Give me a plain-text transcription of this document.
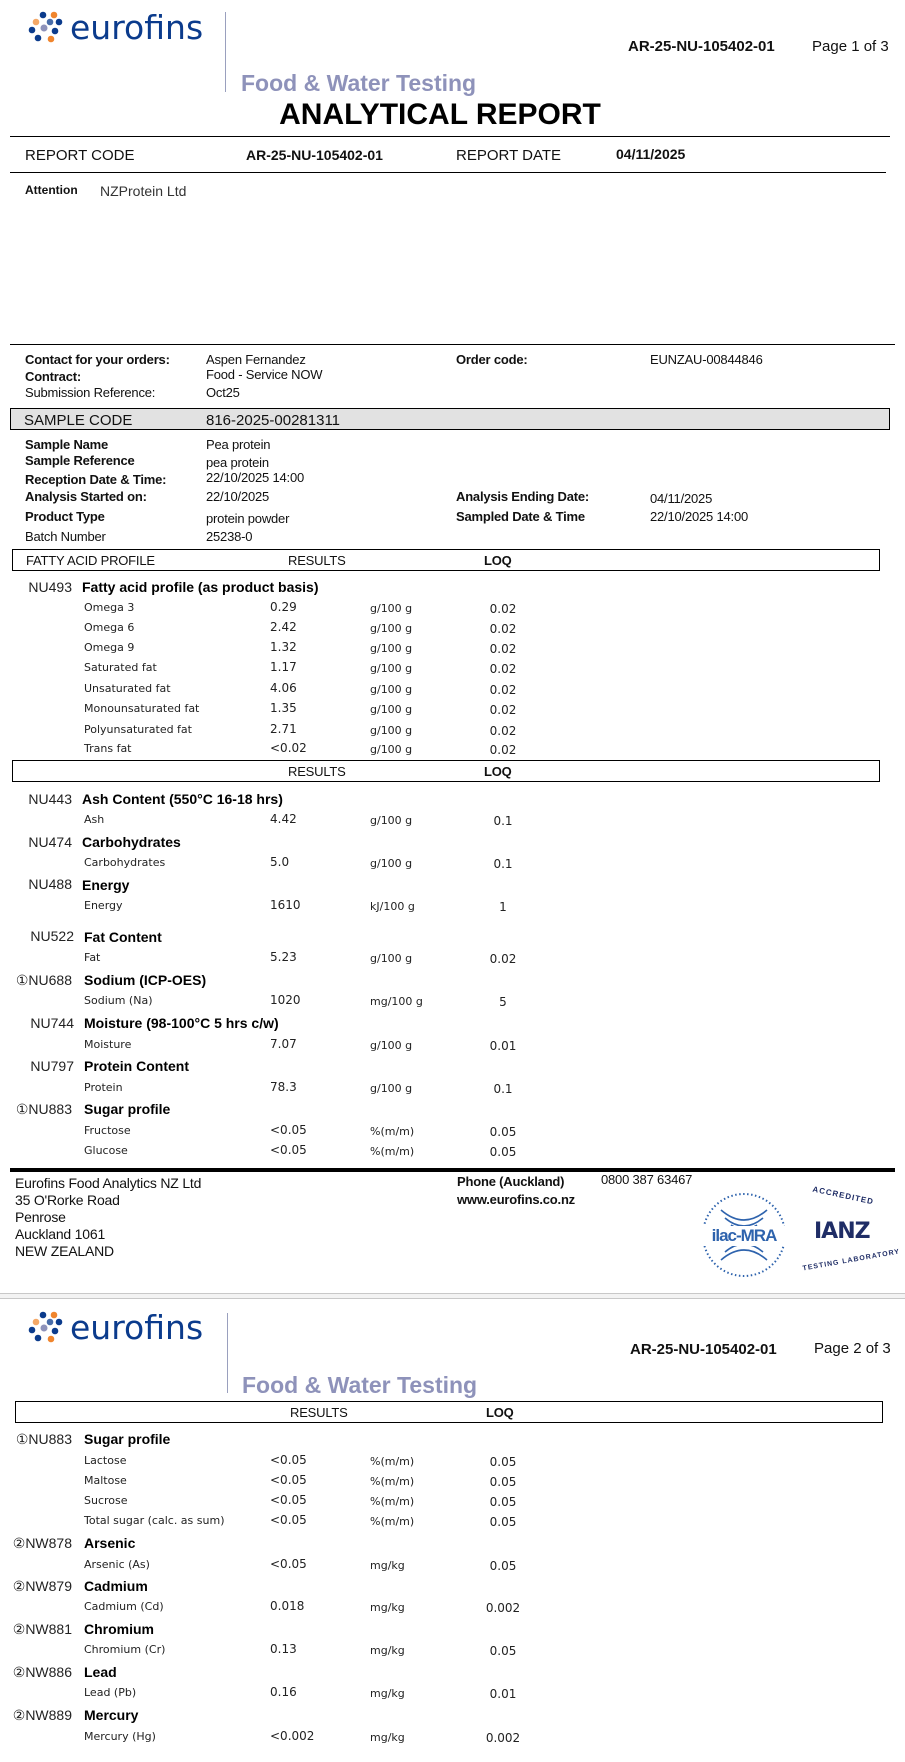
eurofins
Food & Water Testing
AR-25-NU-105402-01 Page 1 of 3
ANALYTICAL REPORT
REPORT CODE	AR-25-NU-105402-01	REPORT DATE	04/11/2025
Attention NZProtein Ltd
Contact for your orders:	Aspen Fernandez
Contract:	Food - Service NOW
Submission Reference:	Oct25
Order code:	EUNZAU-00844846
SAMPLE CODE	816-2025-00281311
Sample Name	Pea protein
Sample Reference	pea protein
Reception Date & Time:	22/10/2025 14:00
Analysis Started on:	22/10/2025	Analysis Ending Date:	04/11/2025
Product Type	protein powder	Sampled Date & Time	22/10/2025 14:00
Batch Number	25238-0
FATTY ACID PROFILE	RESULTS	LOQ
NU493 Fatty acid profile (as product basis)
Omega 3	0.29	g/100 g	0.02
Omega 6	2.42	g/100 g	0.02
Omega 9	1.32	g/100 g	0.02
Saturated fat	1.17	g/100 g	0.02
Unsaturated fat	4.06	g/100 g	0.02
Monounsaturated fat	1.35	g/100 g	0.02
Polyunsaturated fat	2.71	g/100 g	0.02
Trans fat	<0.02	g/100 g	0.02
RESULTS	LOQ
NU443 Ash Content (550°C 16-18 hrs)
Ash	4.42	g/100 g	0.1
NU474 Carbohydrates
Carbohydrates	5.0	g/100 g	0.1
NU488 Energy
Energy	1610	kJ/100 g	1
NU522 Fat Content
Fat	5.23	g/100 g	0.02
①NU688 Sodium (ICP-OES)
Sodium (Na)	1020	mg/100 g	5
NU744 Moisture (98-100°C 5 hrs c/w)
Moisture	7.07	g/100 g	0.01
NU797 Protein Content
Protein	78.3	g/100 g	0.1
①NU883 Sugar profile
Fructose	<0.05	%(m/m)	0.05
Glucose	<0.05	%(m/m)	0.05
Eurofins Food Analytics NZ Ltd
35 O'Rorke Road
Penrose
Auckland 1061
NEW ZEALAND
Phone (Auckland)	0800 387 63467
www.eurofins.co.nz
ilac-MRA
ACCREDITED
IANZ
TESTING LABORATORY
eurofins
Food & Water Testing
AR-25-NU-105402-01 Page 2 of 3
RESULTS	LOQ
①NU883 Sugar profile
Lactose	<0.05	%(m/m)	0.05
Maltose	<0.05	%(m/m)	0.05
Sucrose	<0.05	%(m/m)	0.05
Total sugar (calc. as sum)	<0.05	%(m/m)	0.05
②NW878 Arsenic
Arsenic (As)	<0.05	mg/kg	0.05
②NW879 Cadmium
Cadmium (Cd)	0.018	mg/kg	0.002
②NW881 Chromium
Chromium (Cr)	0.13	mg/kg	0.05
②NW886 Lead
Lead (Pb)	0.16	mg/kg	0.01
②NW889 Mercury
Mercury (Hg)	<0.002	mg/kg	0.002
